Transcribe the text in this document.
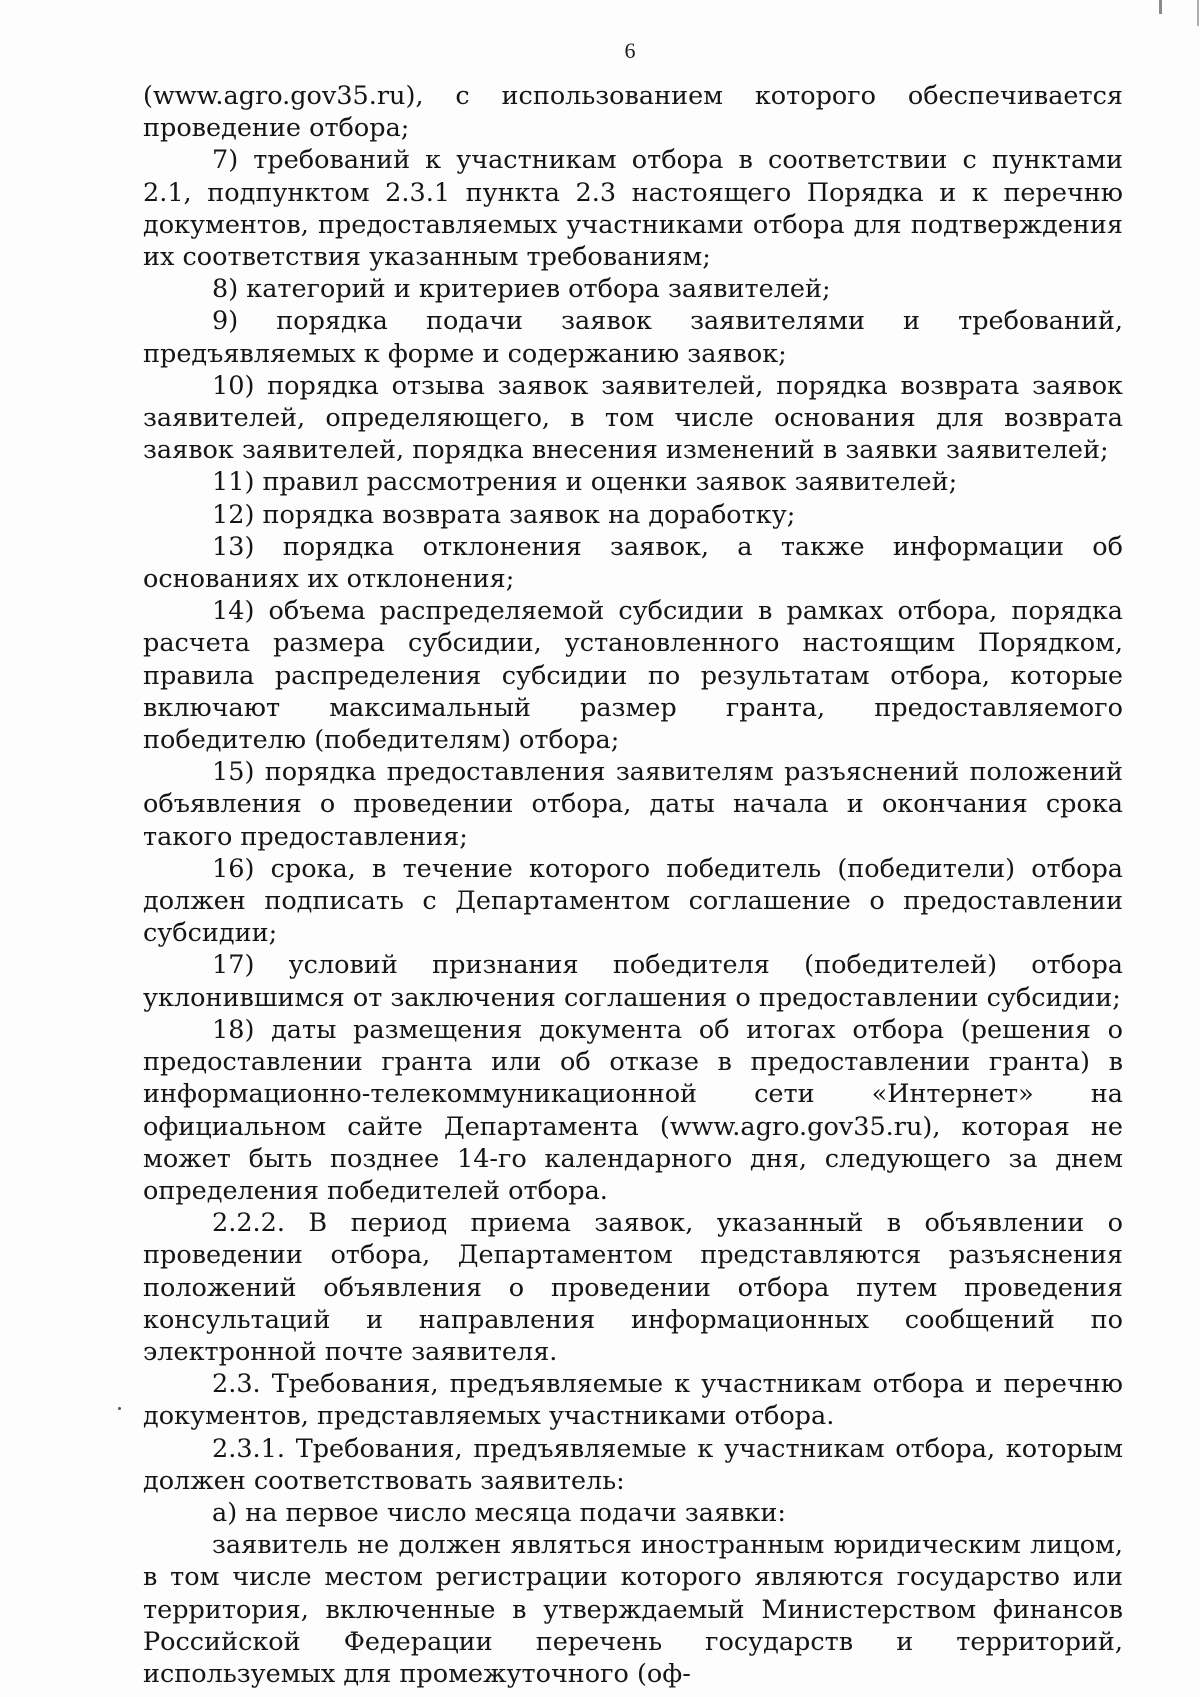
6

(www.agro.gov35.ru), с использованием которого обеспечивается проведение отбора;

7) требований к участникам отбора в соответствии с пунктами 2.1, подпунктом 2.3.1 пункта 2.3 настоящего Порядка и к перечню документов, предоставляемых участниками отбора для подтверждения их соответствия указанным требованиям;

8) категорий и критериев отбора заявителей;

9) порядка подачи заявок заявителями и требований, предъявляемых к форме и содержанию заявок;

10) порядка отзыва заявок заявителей, порядка возврата заявок заявителей, определяющего, в том числе основания для возврата заявок заявителей, порядка внесения изменений в заявки заявителей;

11) правил рассмотрения и оценки заявок заявителей;

12) порядка возврата заявок на доработку;

13) порядка отклонения заявок, а также информации об основаниях их отклонения;

14) объема распределяемой субсидии в рамках отбора, порядка расчета размера субсидии, установленного настоящим Порядком, правила распределения субсидии по результатам отбора, которые включают максимальный размер гранта, предоставляемого победителю (победителям) отбора;

15) порядка предоставления заявителям разъяснений положений объявления о проведении отбора, даты начала и окончания срока такого предоставления;

16) срока, в течение которого победитель (победители) отбора должен подписать с Департаментом соглашение о предоставлении субсидии;

17) условий признания победителя (победителей) отбора уклонившимся от заключения соглашения о предоставлении субсидии;

18) даты размещения документа об итогах отбора (решения о предоставлении гранта или об отказе в предоставлении гранта) в информационно-телекоммуникационной сети «Интернет» на официальном сайте Департамента (www.agro.gov35.ru), которая не может быть позднее 14-го календарного дня, следующего за днем определения победителей отбора.

2.2.2. В период приема заявок, указанный в объявлении о проведении отбора, Департаментом представляются разъяснения положений объявления о проведении отбора путем проведения консультаций и направления информационных сообщений по электронной почте заявителя.

2.3. Требования, предъявляемые к участникам отбора и перечню документов, представляемых участниками отбора.

2.3.1. Требования, предъявляемые к участникам отбора, которым должен соответствовать заявитель:

а) на первое число месяца подачи заявки:

заявитель не должен являться иностранным юридическим лицом, в том числе местом регистрации которого являются государство или территория, включенные в утверждаемый Министерством финансов Российской Федерации перечень государств и территорий, используемых для промежуточного (оф-
